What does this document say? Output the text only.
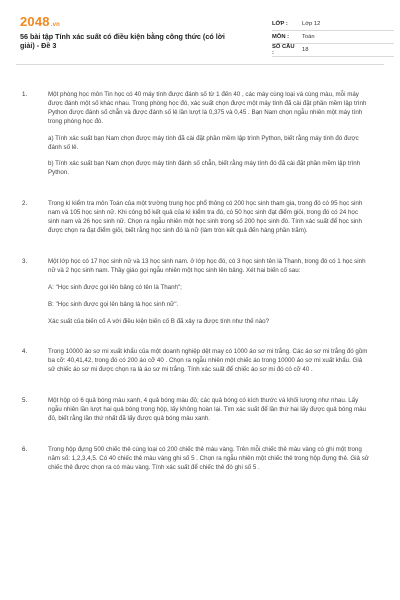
2048.vn
56 bài tập Tính xác suất có điều kiện bằng công thức (có lời giải) - Đề 3
LỚP :	Lớp 12
MÔN :	Toán
SỐ CÂU :	18
1.	Một phòng học môn Tin học có 40 máy tính được đánh số từ 1 đến 40 , các máy cùng loại và cùng màu, mỗi máy được đánh một số khác nhau. Trong phòng học đó, xác suất chọn được một máy tính đã cài đặt phần mềm lập trình Python được đánh số chẵn và được đánh số lẻ lần lượt là 0,375 và 0,45 . Bạn Nam chọn ngẫu nhiên một máy tính trong phòng học đó.

a) Tính xác suất bạn Nam chọn được máy tính đã cài đặt phần mềm lập trình Python, biết rằng máy tính đó được đánh số lẻ.

b) Tính xác suất bạn Nam chọn được máy tính đánh số chẵn, biết rằng máy tính đó đã cài đặt phần mềm lập trình Python.

2.	Trong kì kiểm tra môn Toán của một trường trung học phổ thông có 200 học sinh tham gia, trong đó có 95 học sinh nam và 105 học sinh nữ. Khi công bố kết quả của kì kiểm tra đó, có 50 học sinh đạt điểm giỏi, trong đó có 24 học sinh nam và 26 học sinh nữ. Chọn ra ngẫu nhiên một học sinh trong số 200 học sinh đó. Tính xác suất để học sinh được chọn ra đạt điểm giỏi, biết rằng học sinh đó là nữ (làm tròn kết quả đến hàng phần trăm).

3.	Một lớp học có 17 học sinh nữ và 13 học sinh nam. ở lớp học đó, có 3 học sinh tên là Thanh, trong đó có 1 học sinh nữ và 2 học sinh nam. Thầy giáo gọi ngẫu nhiên một học sinh lên bảng. Xét hai biến cố sau:

A: "Học sinh được gọi lên bảng có tên là Thanh";

B: "Học sinh được gọi lên bảng là học sinh nữ".

Xác suất của biến cố A với điều kiện biến cố B đã xảy ra được tính như thế nào?

4.	Trong 10000 áo sơ mi xuất khẩu của một doanh nghiệp dệt may có 1000 áo sơ mi trắng. Các áo sơ mi trắng đó gồm ba cỡ: 40,41,42, trong đó có 200 áo cỡ 40 . Chọn ra ngẫu nhiên một chiếc áo trong 10000 áo sơ mi xuất khẩu. Giả sử chiếc áo sơ mi được chọn ra là áo sơ mi trắng. Tính xác suất để chiếc áo sơ mi đó có cỡ 40 .

5.	Một hộp có 6 quả bóng màu xanh, 4 quả bóng màu đỏ; các quả bóng có kích thước và khối lượng như nhau. Lấy ngẫu nhiên lần lượt hai quả bóng trong hộp, lấy không hoàn lại. Tìm xác suất để lần thứ hai lấy được quả bóng màu đỏ, biết rằng lần thứ nhất đã lấy được quả bóng màu xanh.

6.	Trong hộp đựng 500 chiếc thẻ cùng loại có 200 chiếc thẻ màu vàng. Trên mỗi chiếc thẻ màu vàng có ghi một trong năm số: 1,2,3,4,5. Có 40 chiếc thẻ màu vàng ghi số 5 . Chọn ra ngẫu nhiên một chiếc thẻ trong hộp đựng thẻ. Giả sử chiếc thẻ được chọn ra có màu vàng. Tính xác suất để chiếc thẻ đó ghi số 5 .
